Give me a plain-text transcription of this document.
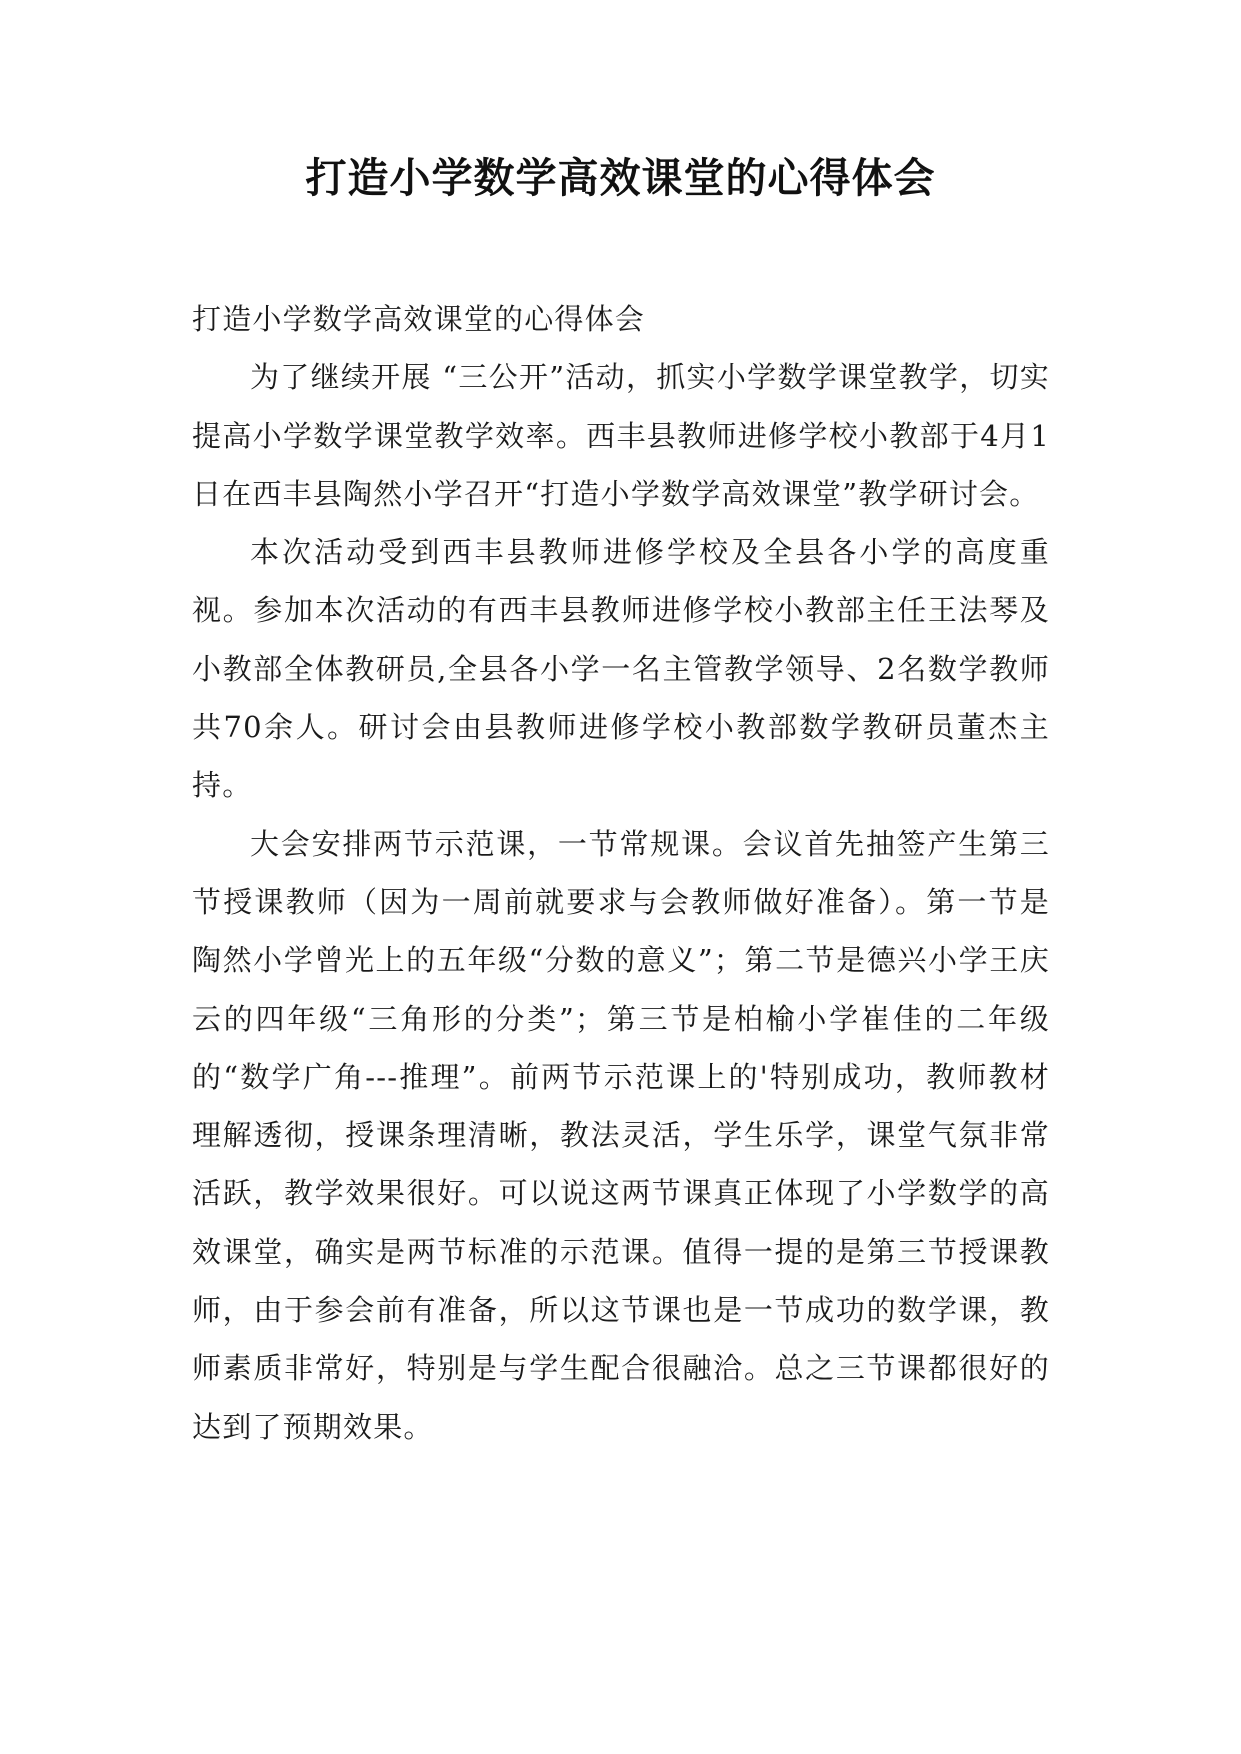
打造小学数学高效课堂的心得体会

打造小学数学高效课堂的心得体会

为了继续开展 “三公开”活动，抓实小学数学课堂教学，切实提高小学数学课堂教学效率。西丰县教师进修学校小教部于4月1日在西丰县陶然小学召开“打造小学数学高效课堂”教学研讨会。

本次活动受到西丰县教师进修学校及全县各小学的高度重视。参加本次活动的有西丰县教师进修学校小教部主任王法琴及小教部全体教研员,全县各小学一名主管教学领导、2名数学教师共70余人。研讨会由县教师进修学校小教部数学教研员董杰主持。

大会安排两节示范课，一节常规课。会议首先抽签产生第三节授课教师（因为一周前就要求与会教师做好准备）。第一节是陶然小学曾光上的五年级“分数的意义”；第二节是德兴小学王庆云的四年级“三角形的分类”；第三节是柏榆小学崔佳的二年级的“数学广角---推理”。前两节示范课上的'特别成功，教师教材理解透彻，授课条理清晰，教法灵活，学生乐学，课堂气氛非常活跃，教学效果很好。可以说这两节课真正体现了小学数学的高效课堂，确实是两节标准的示范课。值得一提的是第三节授课教师，由于参会前有准备，所以这节课也是一节成功的数学课，教师素质非常好，特别是与学生配合很融洽。总之三节课都很好的达到了预期效果。
